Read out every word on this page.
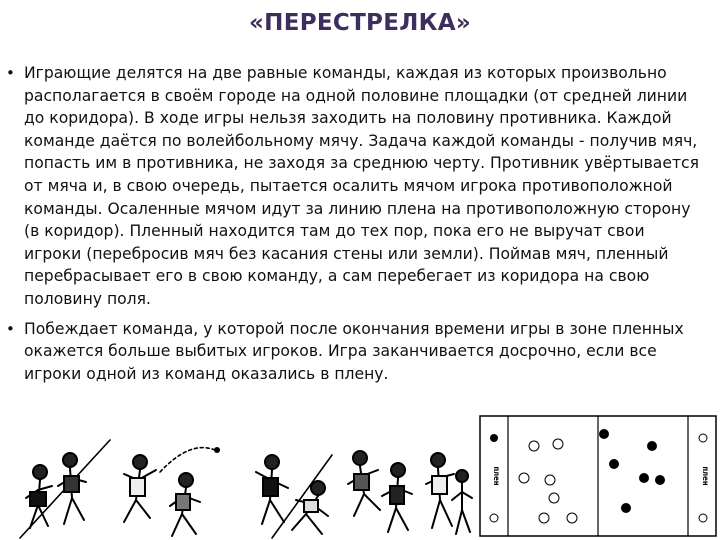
«ПЕРЕСТРЕЛКА»
• Играющие делятся на две равные команды, каждая из которых произвольно располагается в своём городе на одной половине площадки (от средней линии до коридора). В ходе игры нельзя заходить на половину противника. Каждой команде даётся по волейбольному мячу. Задача каждой команды - получив мяч, попасть им в противника, не заходя за среднюю черту. Противник увёртывается от мяча и, в свою очередь, пытается осалить мячом игрока противоположной команды. Осаленные мячом идут за линию плена на противоположную сторону (в коридор). Пленный находится там до тех пор, пока его не выручат свои игроки (перебросив мяч без касания стены или земли). Поймав мяч, пленный перебрасывает его в свою команду, а сам перебегает из коридора на свою половину поля.
• Побеждает команда, у которой после окончания времени игры в зоне пленных окажется больше выбитых игроков. Игра заканчивается досрочно, если все игроки одной из команд оказались в плену.
плен	плен
